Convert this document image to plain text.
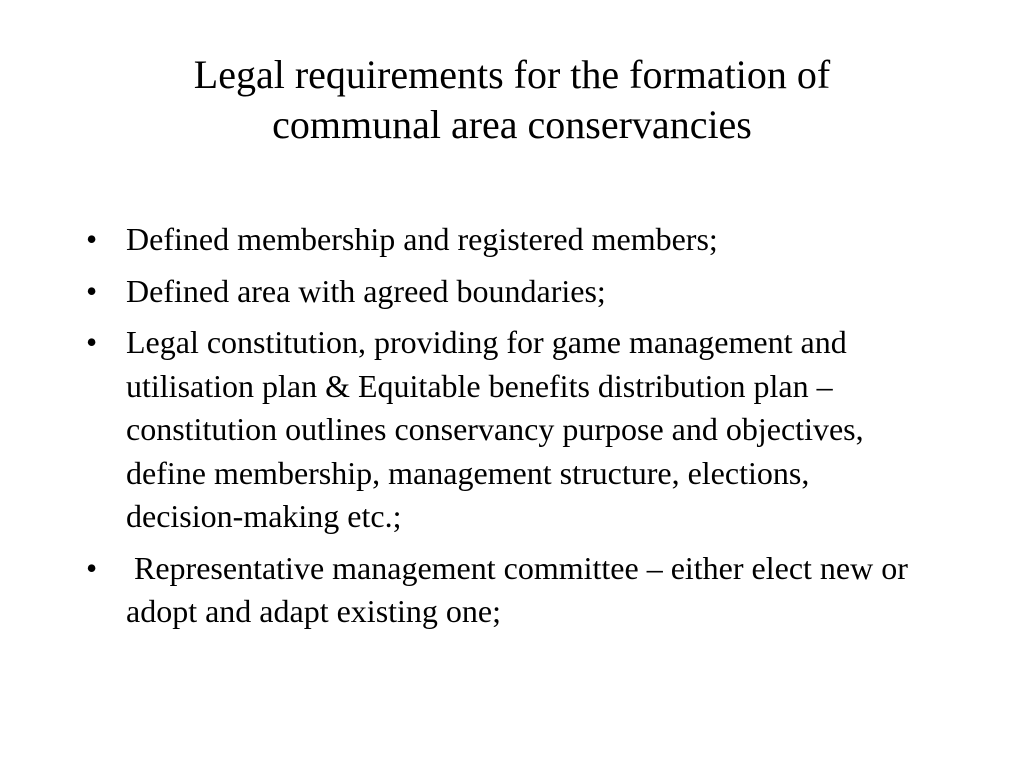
Legal requirements for the formation of
communal area conservancies
• Defined membership and registered members;
• Defined area with agreed boundaries;
• Legal constitution, providing for game management and utilisation plan & Equitable benefits distribution plan – constitution outlines conservancy purpose and objectives, define membership, management structure, elections, decision-making etc.;
• Representative management committee – either elect new or adopt and adapt existing one;
